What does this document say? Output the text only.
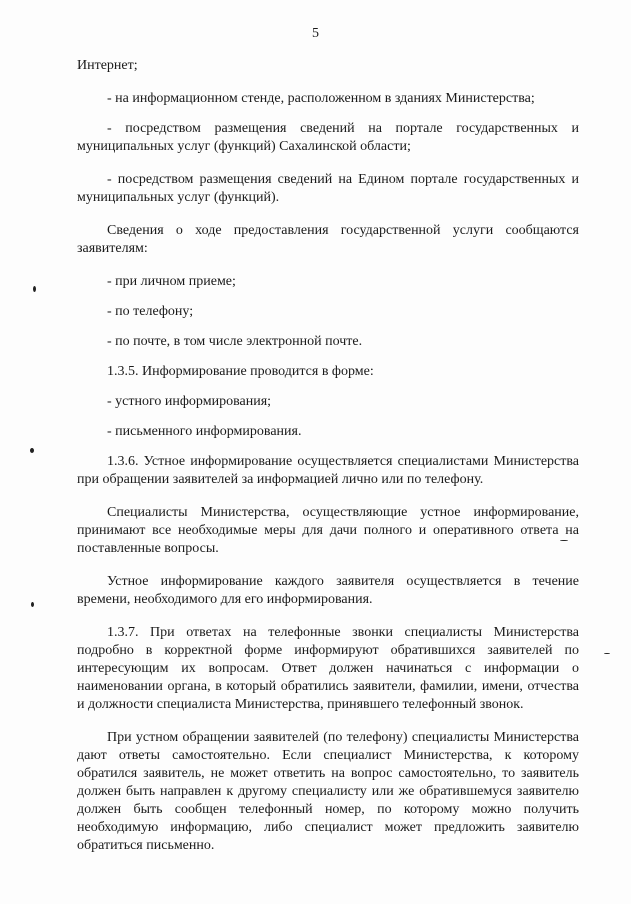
5

Интернет;

- на информационном стенде, расположенном в зданиях Министерства;

- посредством размещения сведений на портале государственных и муниципальных услуг (функций) Сахалинской области;

- посредством размещения сведений на Едином портале государственных и муниципальных услуг (функций).

Сведения о ходе предоставления государственной услуги сообщаются заявителям:

- при личном приеме;

- по телефону;

- по почте, в том числе электронной почте.

1.3.5. Информирование проводится в форме:

- устного информирования;

- письменного информирования.

1.3.6. Устное информирование осуществляется специалистами Министерства при обращении заявителей за информацией лично или по телефону.

Специалисты Министерства, осуществляющие устное информирование, принимают все необходимые меры для дачи полного и оперативного ответа на поставленные вопросы.

Устное информирование каждого заявителя осуществляется в течение времени, необходимого для его информирования.

1.3.7. При ответах на телефонные звонки специалисты Министерства подробно в корректной форме информируют обратившихся заявителей по интересующим их вопросам. Ответ должен начинаться с информации о наименовании органа, в который обратились заявители, фамилии, имени, отчества и должности специалиста Министерства, принявшего телефонный звонок.

При устном обращении заявителей (по телефону) специалисты Министерства дают ответы самостоятельно. Если специалист Министерства, к которому обратился заявитель, не может ответить на вопрос самостоятельно, то заявитель должен быть направлен к другому специалисту или же обратившемуся заявителю должен быть сообщен телефонный номер, по которому можно получить необходимую информацию, либо специалист может предложить заявителю обратиться письменно.
